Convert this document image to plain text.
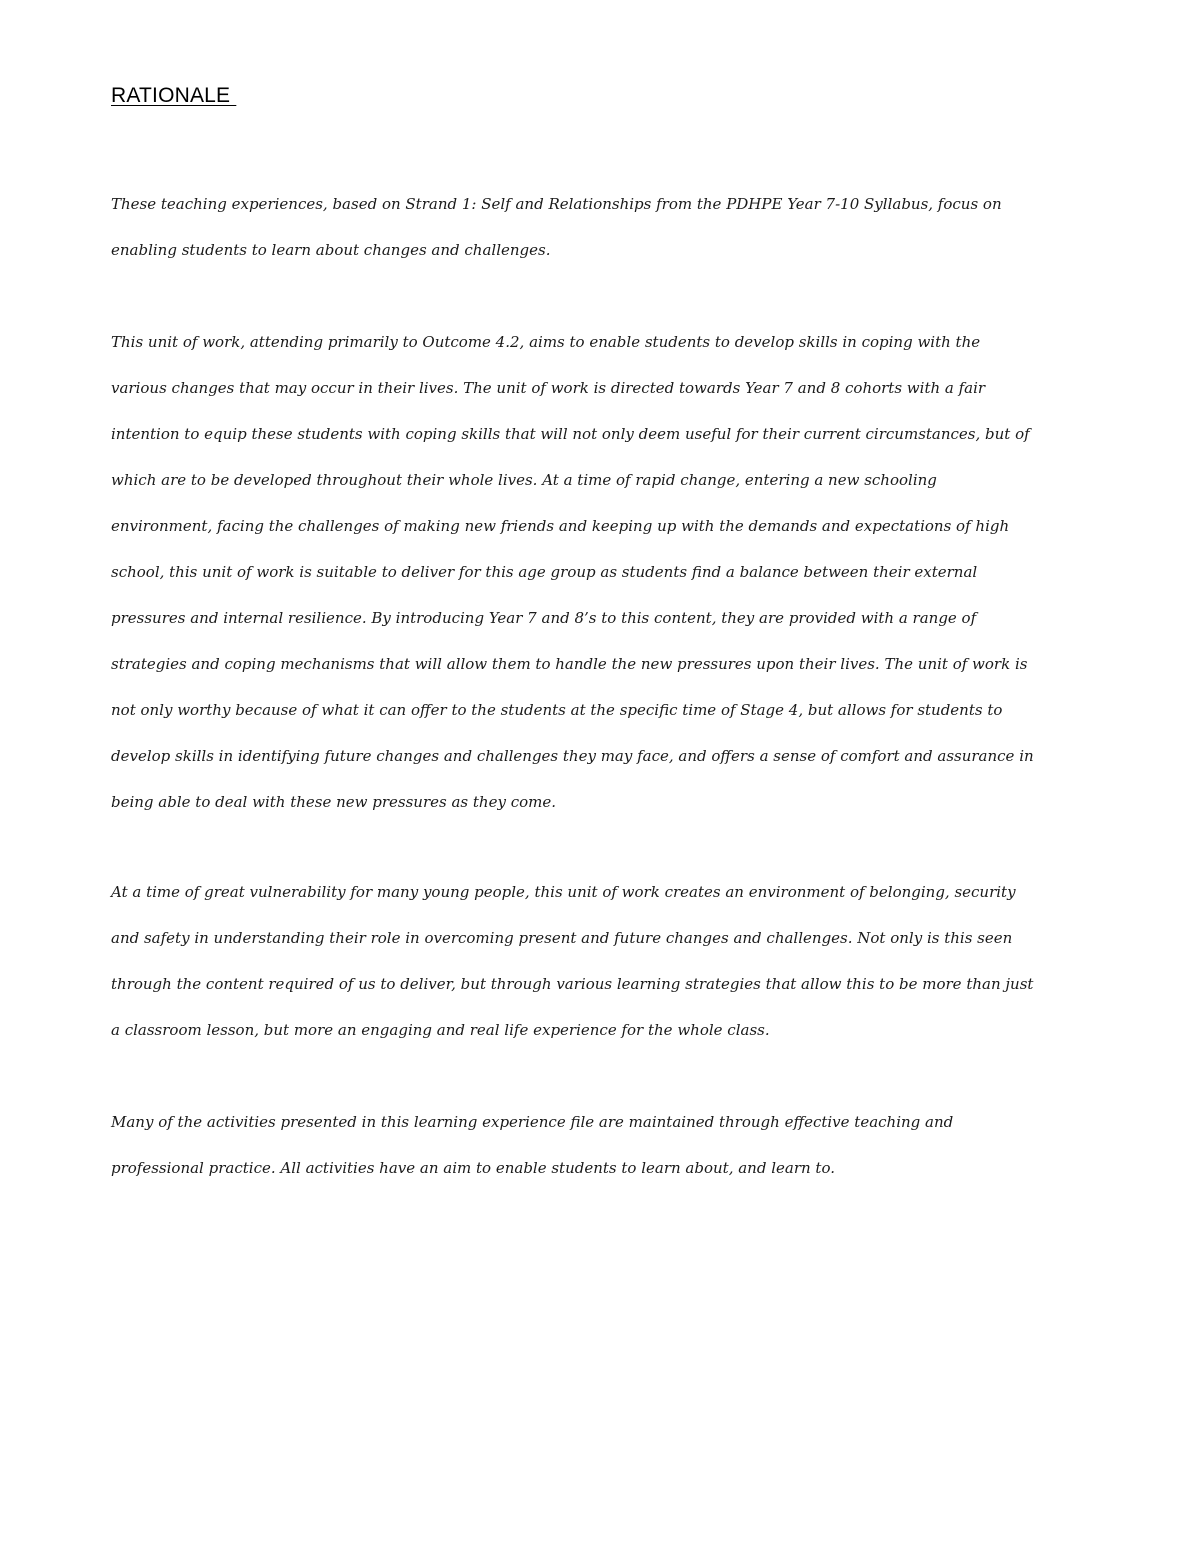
RATIONALE
These teaching experiences, based on Strand 1: Self and Relationships from the PDHPE Year 7-10 Syllabus, focus on
enabling students to learn about changes and challenges.
This unit of work, attending primarily to Outcome 4.2, aims to enable students to develop skills in coping with the
various changes that may occur in their lives. The unit of work is directed towards Year 7 and 8 cohorts with a fair
intention to equip these students with coping skills that will not only deem useful for their current circumstances, but of
which are to be developed throughout their whole lives. At a time of rapid change, entering a new schooling
environment, facing the challenges of making new friends and keeping up with the demands and expectations of high
school, this unit of work is suitable to deliver for this age group as students find a balance between their external
pressures and internal resilience. By introducing Year 7 and 8’s to this content, they are provided with a range of
strategies and coping mechanisms that will allow them to handle the new pressures upon their lives. The unit of work is
not only worthy because of what it can offer to the students at the specific time of Stage 4, but allows for students to
develop skills in identifying future changes and challenges they may face, and offers a sense of comfort and assurance in
being able to deal with these new pressures as they come.
At a time of great vulnerability for many young people, this unit of work creates an environment of belonging, security
and safety in understanding their role in overcoming present and future changes and challenges. Not only is this seen
through the content required of us to deliver, but through various learning strategies that allow this to be more than just
a classroom lesson, but more an engaging and real life experience for the whole class.
Many of the activities presented in this learning experience file are maintained through effective teaching and
professional practice. All activities have an aim to enable students to learn about, and learn to.
